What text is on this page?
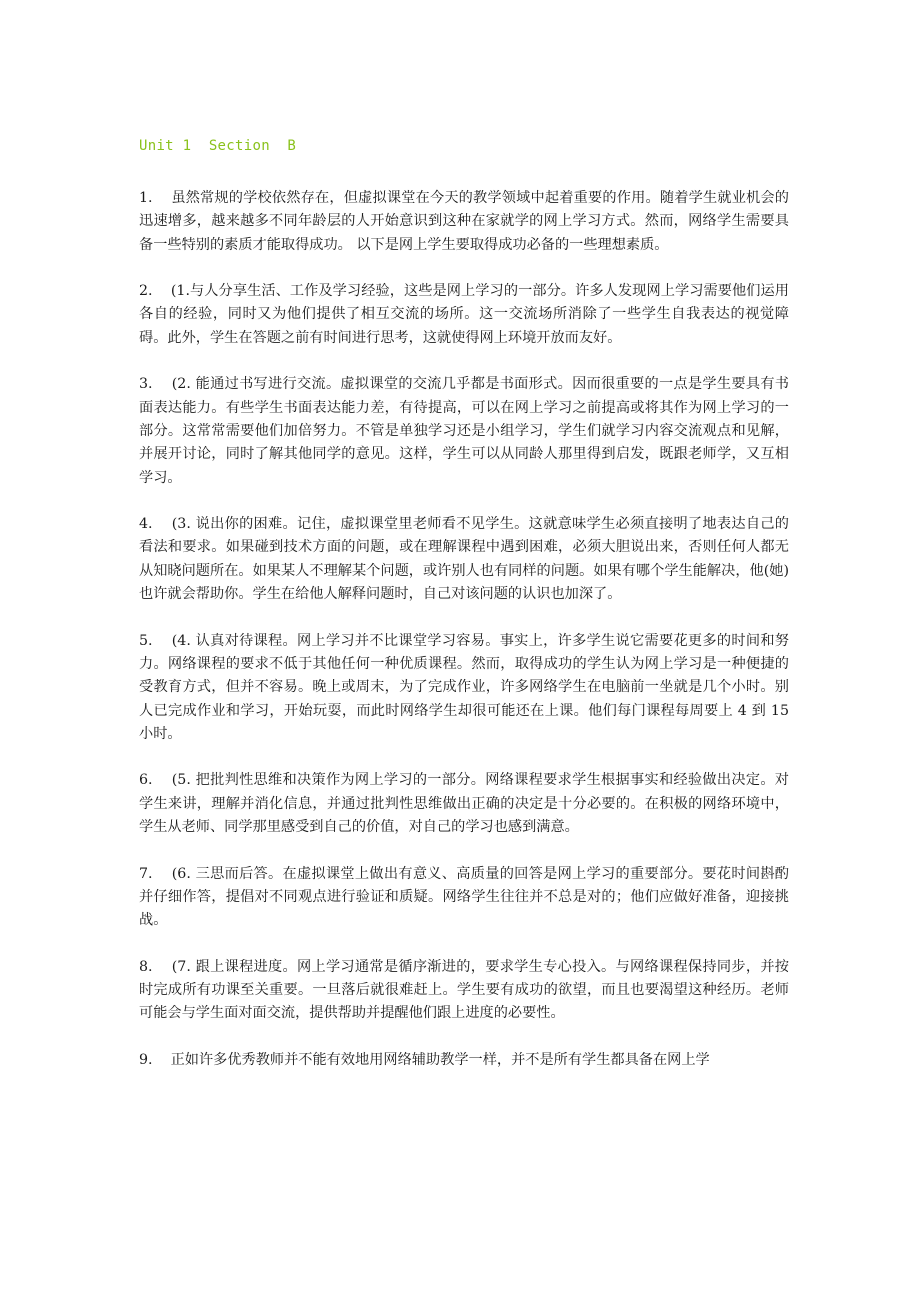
Unit 1  Section  B

1. 虽然常规的学校依然存在，但虚拟课堂在今天的教学领域中起着重要的作用。随着学生就业机会的迅速增多，越来越多不同年龄层的人开始意识到这种在家就学的网上学习方式。然而，网络学生需要具备一些特别的素质才能取得成功。 以下是网上学生要取得成功必备的一些理想素质。

2. (1.与人分享生活、工作及学习经验，这些是网上学习的一部分。许多人发现网上学习需要他们运用各自的经验，同时又为他们提供了相互交流的场所。这一交流场所消除了一些学生自我表达的视觉障碍。此外，学生在答题之前有时间进行思考，这就使得网上环境开放而友好。

3. (2. 能通过书写进行交流。虚拟课堂的交流几乎都是书面形式。因而很重要的一点是学生要具有书面表达能力。有些学生书面表达能力差，有待提高，可以在网上学习之前提高或将其作为网上学习的一部分。这常常需要他们加倍努力。不管是单独学习还是小组学习，学生们就学习内容交流观点和见解，并展开讨论，同时了解其他同学的意见。这样，学生可以从同龄人那里得到启发，既跟老师学，又互相学习。

4. (3. 说出你的困难。记住，虚拟课堂里老师看不见学生。这就意味学生必须直接明了地表达自己的看法和要求。如果碰到技术方面的问题，或在理解课程中遇到困难，必须大胆说出来，否则任何人都无从知晓问题所在。如果某人不理解某个问题，或许别人也有同样的问题。如果有哪个学生能解决，他(她)也许就会帮助你。学生在给他人解释问题时，自己对该问题的认识也加深了。

5. (4. 认真对待课程。网上学习并不比课堂学习容易。事实上，许多学生说它需要花更多的时间和努力。网络课程的要求不低于其他任何一种优质课程。然而，取得成功的学生认为网上学习是一种便捷的受教育方式，但并不容易。晚上或周末，为了完成作业，许多网络学生在电脑前一坐就是几个小时。别人已完成作业和学习，开始玩耍，而此时网络学生却很可能还在上课。他们每门课程每周要上 4 到 15 小时。

6. (5. 把批判性思维和决策作为网上学习的一部分。网络课程要求学生根据事实和经验做出决定。对学生来讲，理解并消化信息，并通过批判性思维做出正确的决定是十分必要的。在积极的网络环境中，学生从老师、同学那里感受到自己的价值，对自己的学习也感到满意。

7. (6. 三思而后答。在虚拟课堂上做出有意义、高质量的回答是网上学习的重要部分。要花时间斟酌并仔细作答，提倡对不同观点进行验证和质疑。网络学生往往并不总是对的；他们应做好准备，迎接挑战。

8. (7. 跟上课程进度。网上学习通常是循序渐进的，要求学生专心投入。与网络课程保持同步，并按时完成所有功课至关重要。一旦落后就很难赶上。学生要有成功的欲望，而且也要渴望这种经历。老师可能会与学生面对面交流，提供帮助并提醒他们跟上进度的必要性。

9. 正如许多优秀教师并不能有效地用网络辅助教学一样，并不是所有学生都具备在网上学
